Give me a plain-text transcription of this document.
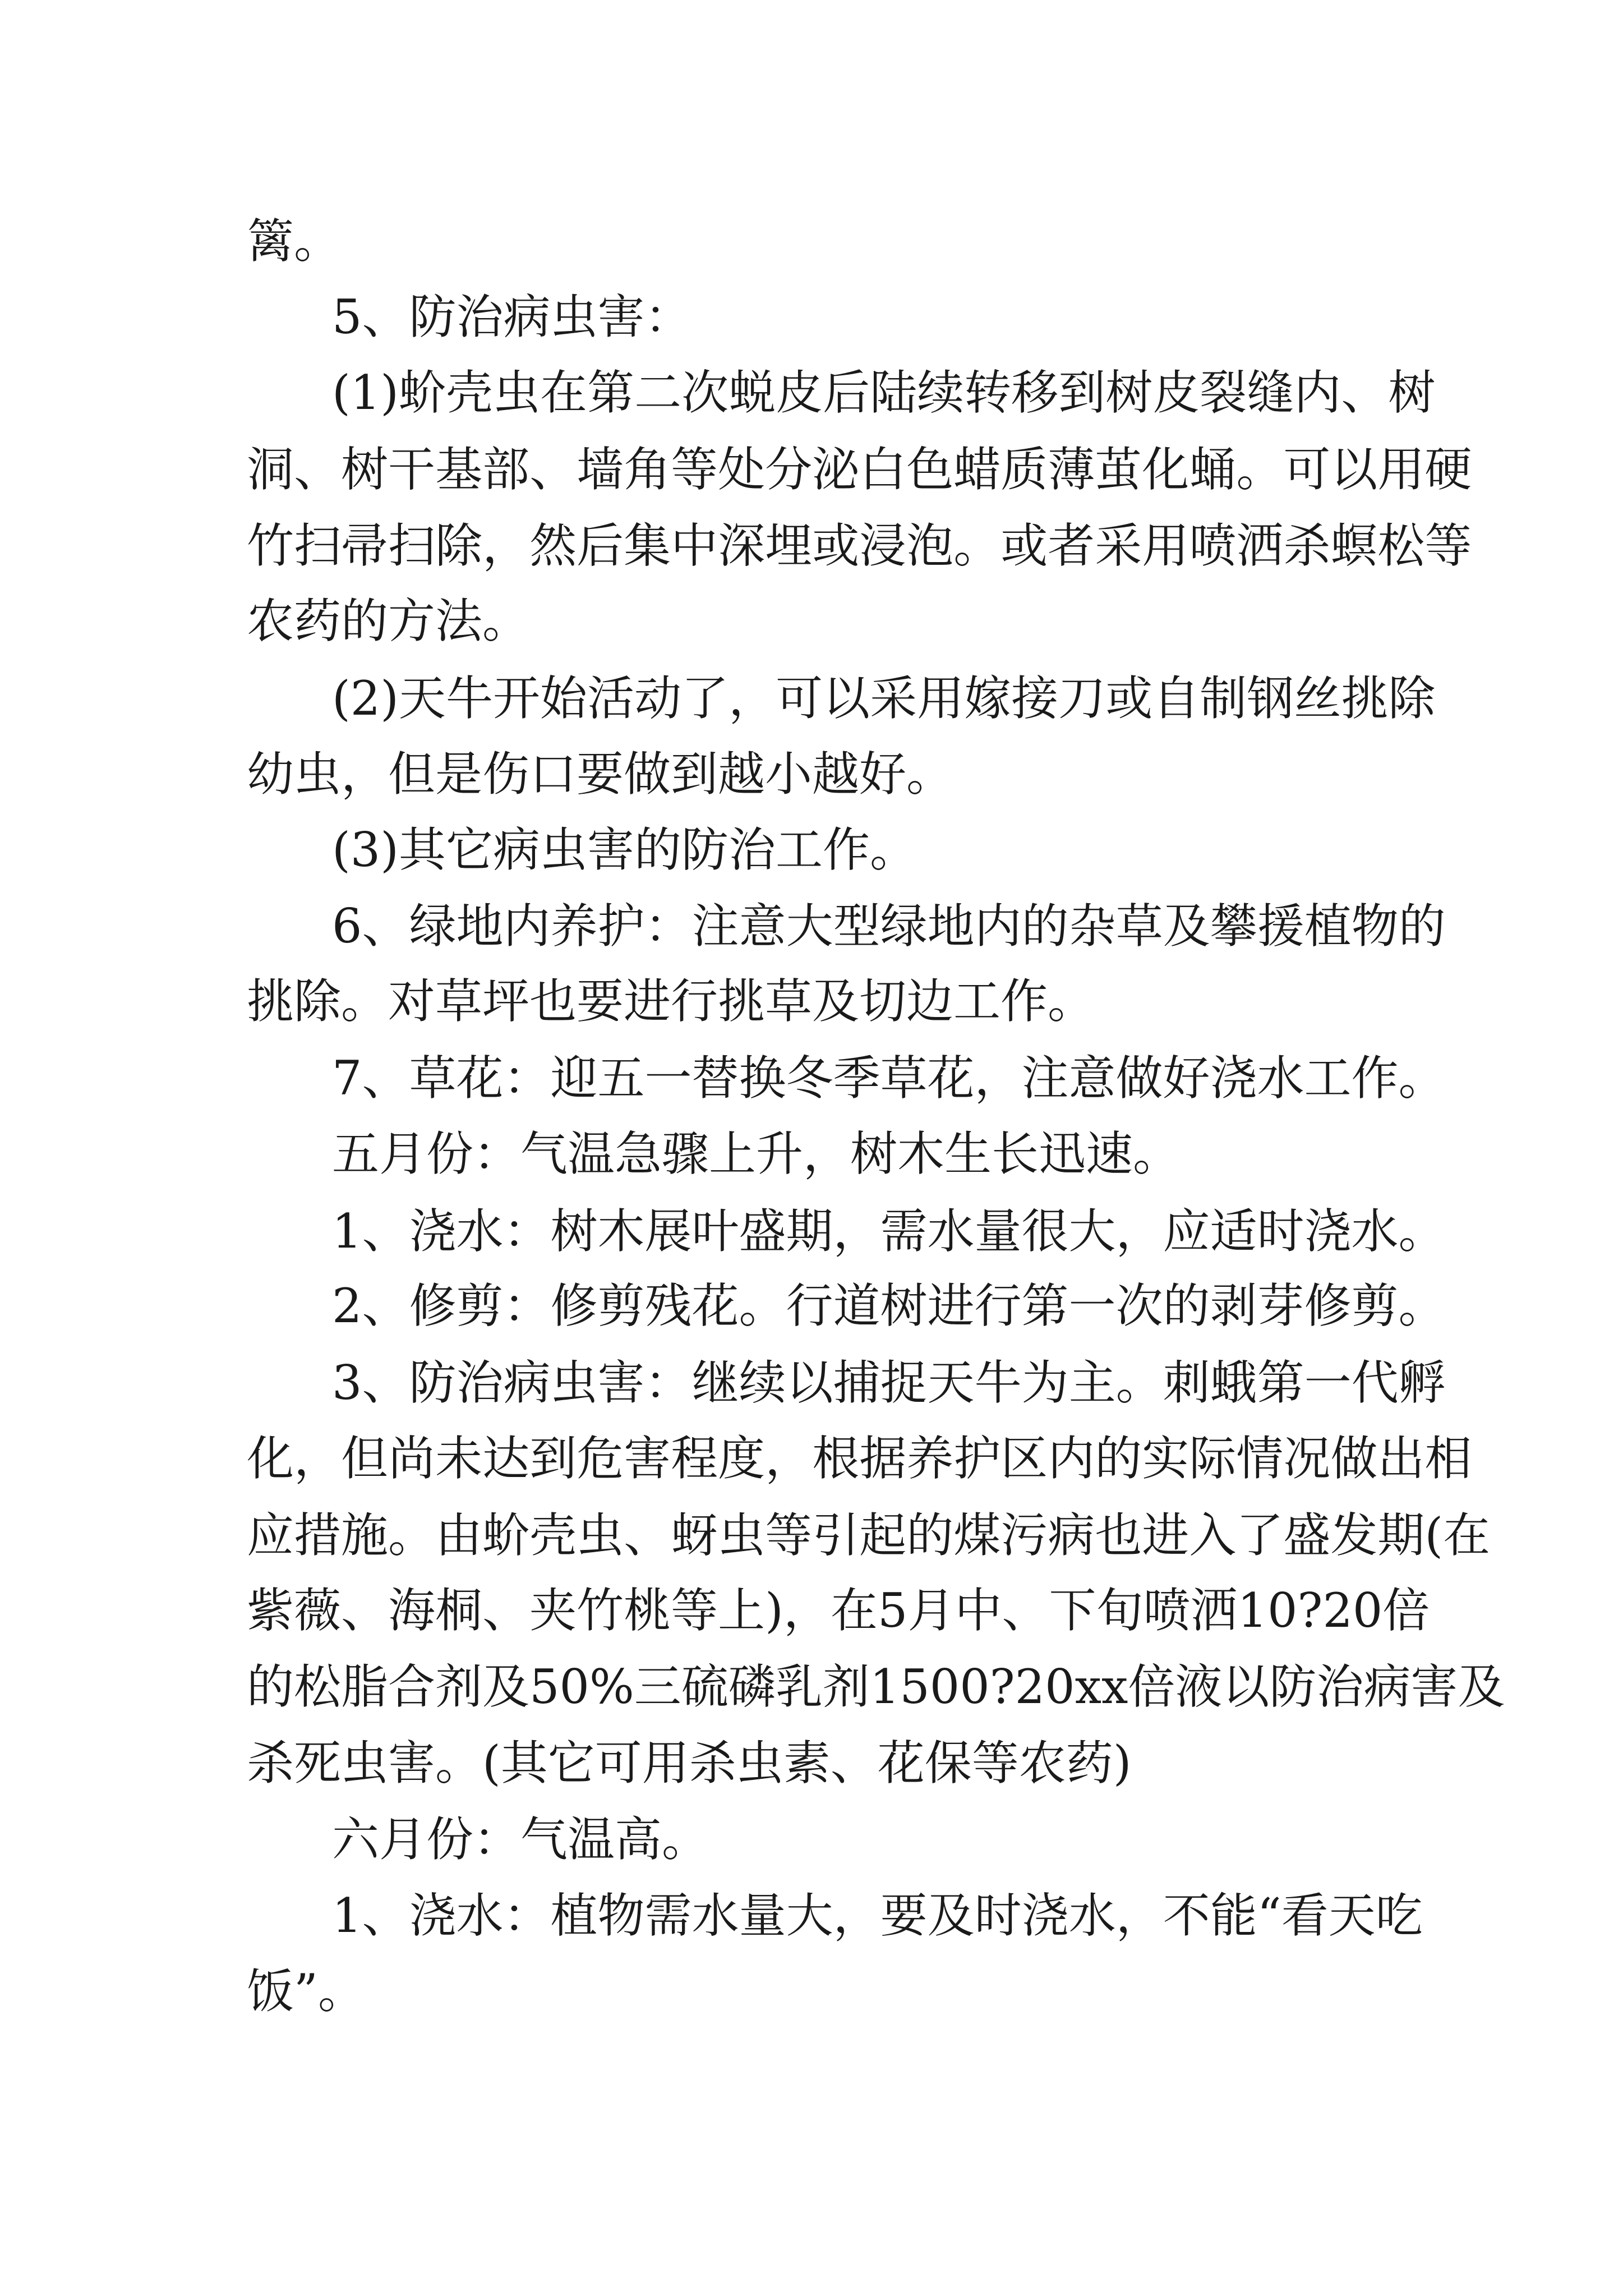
篱。

5、防治病虫害：

(1) 蚧 壳 虫 在 第 二 次 蜕 皮 后 陆 续 转 移 到 树 皮 裂 缝 内 、 树

洞 、 树 干 基 部 、 墙 角 等 处 分 泌 白 色 蜡 质 薄 茧 化 蛹 。 可 以 用 硬

竹 扫 帚 扫 除 ， 然 后 集 中 深 埋 或 浸 泡 。 或 者 采 用 喷 洒 杀 螟 松 等

农药的方法。

(2) 天 牛 开 始 活 动 了 ， 可 以 采 用 嫁 接 刀 或 自 制 钢 丝 挑 除

幼虫，但是伤口要做到越小越好。

(3)其它病虫害的防治工作。

6 、 绿 地 内 养 护 ： 注 意 大 型 绿 地 内 的 杂 草 及 攀 援 植 物 的

挑除。对草坪也要进行挑草及切边工作。

7、草花：迎五一替换冬季草花，注意做好浇水工作。

五月份：气温急骤上升，树木生长迅速。

1、浇水：树木展叶盛期，需水量很大，应适时浇水。

2、修剪：修剪残花。行道树进行第一次的剥芽修剪。

3 、 防 治 病 虫 害 ： 继 续 以 捕 捉 天 牛 为 主 。 刺 蛾 第 一 代 孵

化 ， 但 尚 未 达 到 危 害 程 度 ， 根 据 养 护 区 内 的 实 际 情 况 做 出 相

应 措 施 。 由 蚧 壳 虫 、 蚜 虫 等 引 起 的 煤 污 病 也 进 入 了 盛 发 期 ( 在

紫 薇 、 海 桐 、 夹 竹 桃 等 上 ) ， 在 5 月 中 、 下 旬 喷 洒 10?20 倍

的 松 脂 合 剂 及 50% 三 硫 磷 乳 剂 1500?20xx 倍 液 以 防 治 病 害 及

杀死虫害。(其它可用杀虫素、花保等农药)

六月份：气温高。

1 、 浇 水 ： 植 物 需 水 量 大 ， 要 及 时 浇 水 ， 不 能 “ 看 天 吃

饭”。
